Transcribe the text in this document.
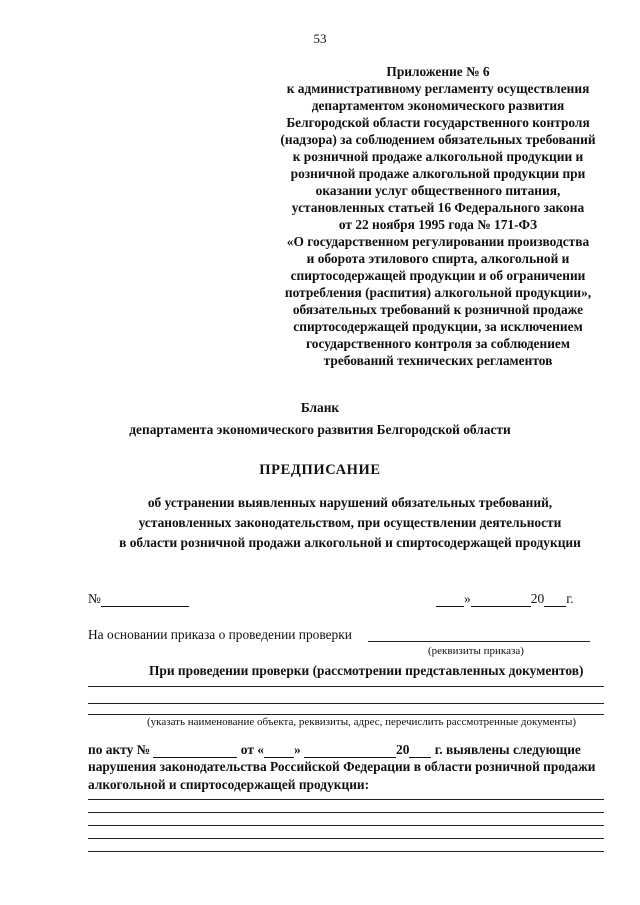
53
Приложение № 6
к административному регламенту осуществления
департаментом экономического развития
Белгородской области государственного контроля
(надзора) за соблюдением обязательных требований
к розничной продаже алкогольной продукции и
розничной продаже алкогольной продукции при
оказании услуг общественного питания,
установленных статьей 16 Федерального закона
от 22 ноября 1995 года № 171-ФЗ
«О государственном регулировании производства
и оборота этилового спирта, алкогольной и
спиртосодержащей продукции и об ограничении
потребления (распития) алкогольной продукции»,
обязательных требований к розничной продаже
спиртосодержащей продукции, за исключением
государственного контроля за соблюдением
требований технических регламентов
Бланк
департамента экономического развития Белгородской области
ПРЕДПИСАНИЕ
об устранении выявленных нарушений обязательных требований,
установленных законодательством, при осуществлении деятельности
в области розничной продажи алкогольной и спиртосодержащей продукции
№	»	20 г.
На основании приказа о проведении проверки
(реквизиты приказа)
При проведении проверки (рассмотрении представленных документов)
(указать наименование объекта, реквизиты, адрес, перечислить рассмотренные документы)
по акту №	от « »	20 г. выявлены следующие
нарушения законодательства Российской Федерации в области розничной продажи
алкогольной и спиртосодержащей продукции:
